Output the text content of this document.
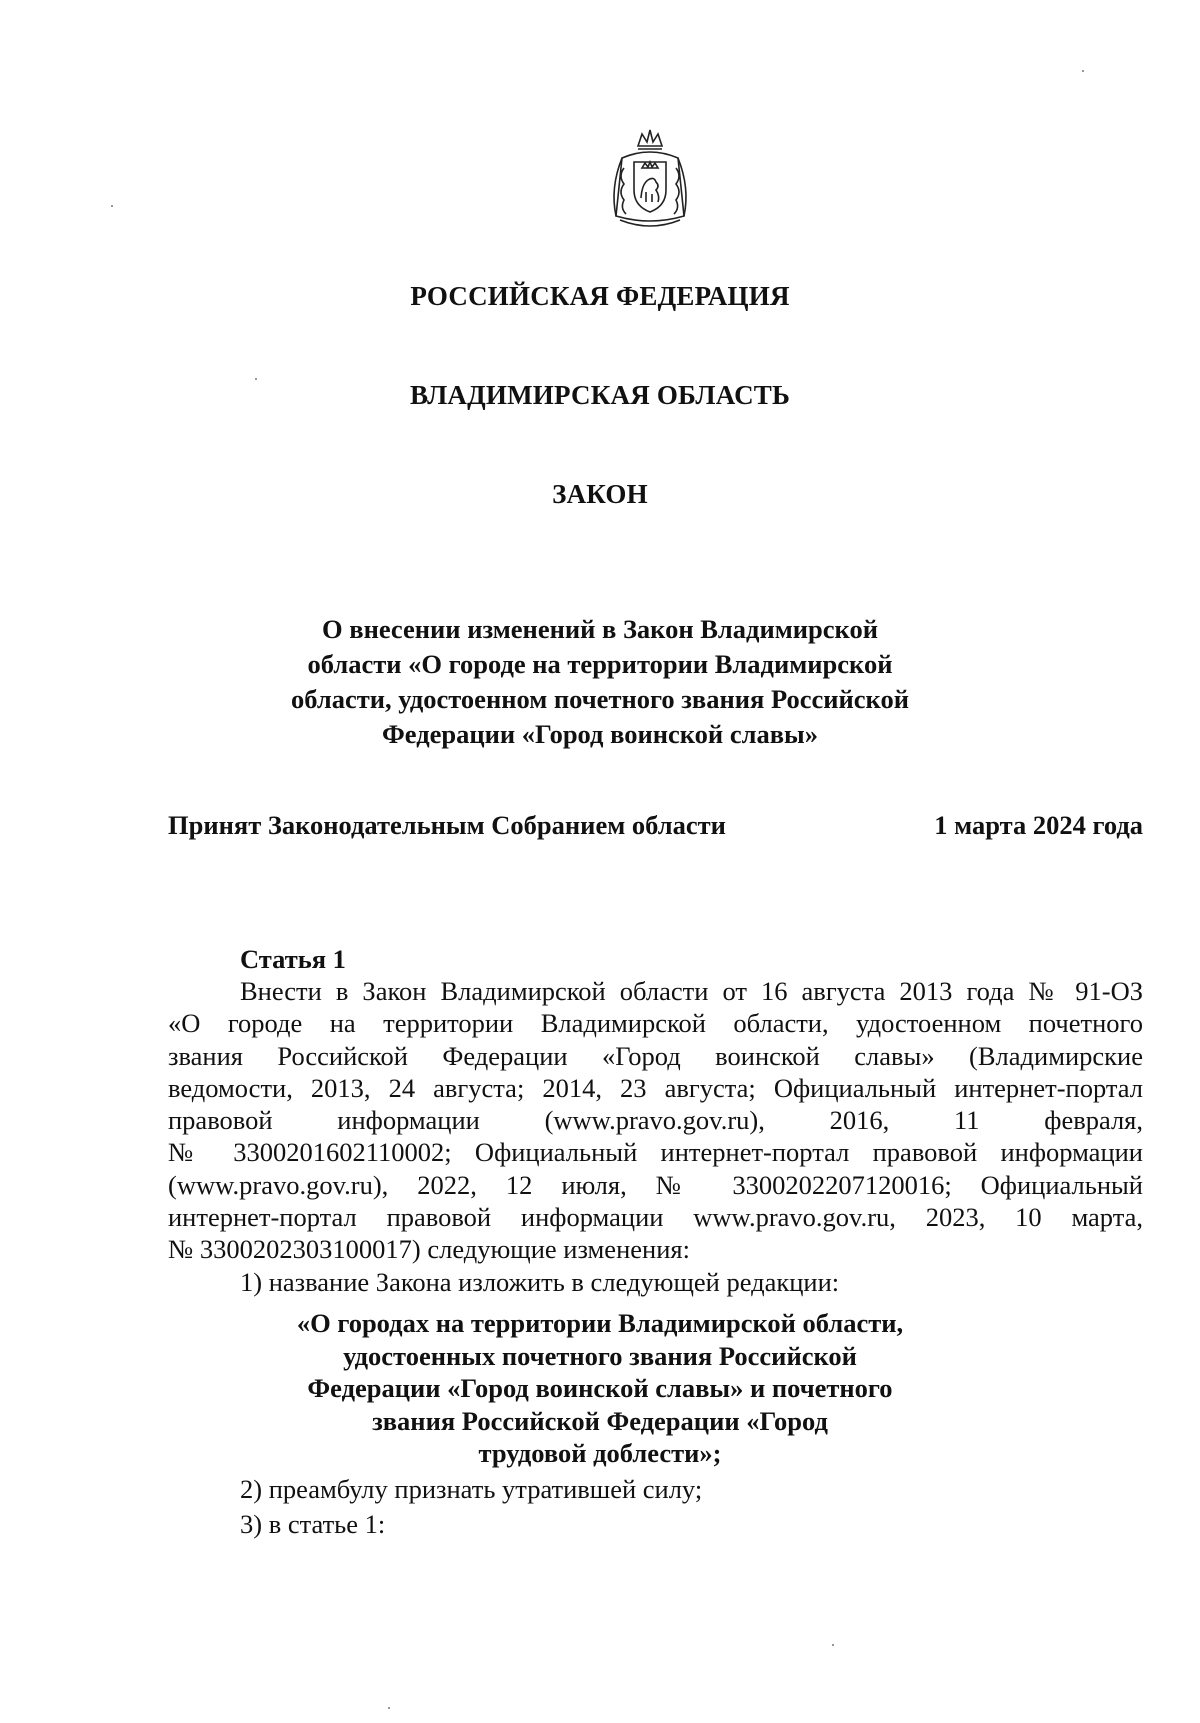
РОССИЙСКАЯ ФЕДЕРАЦИЯ
ВЛАДИМИРСКАЯ ОБЛАСТЬ
ЗАКОН
О внесении изменений в Закон Владимирской
области «О городе на территории Владимирской
области, удостоенном почетного звания Российской
Федерации «Город воинской славы»

Принят Законодательным Собранием области	1 марта 2024 года

Статья 1

Внести в Закон Владимирской области от 16 августа 2013 года № 91-ОЗ
«О городе на территории Владимирской области, удостоенном почетного
звания Российской Федерации «Город воинской славы» (Владимирские
ведомости, 2013, 24 августа; 2014, 23 августа; Официальный интернет-портал
правовой информации (www.pravo.gov.ru), 2016, 11 февраля,
№ 3300201602110002; Официальный интернет-портал правовой информации
(www.pravo.gov.ru), 2022, 12 июля, № 3300202207120016; Официальный
интернет-портал правовой информации www.pravo.gov.ru, 2023, 10 марта,
№ 3300202303100017) следующие изменения:
1) название Закона изложить в следующей редакции:
«О городах на территории Владимирской области,
удостоенных почетного звания Российской
Федерации «Город воинской славы» и почетного
звания Российской Федерации «Город
трудовой доблести»;
2) преамбулу признать утратившей силу;
3) в статье 1:
